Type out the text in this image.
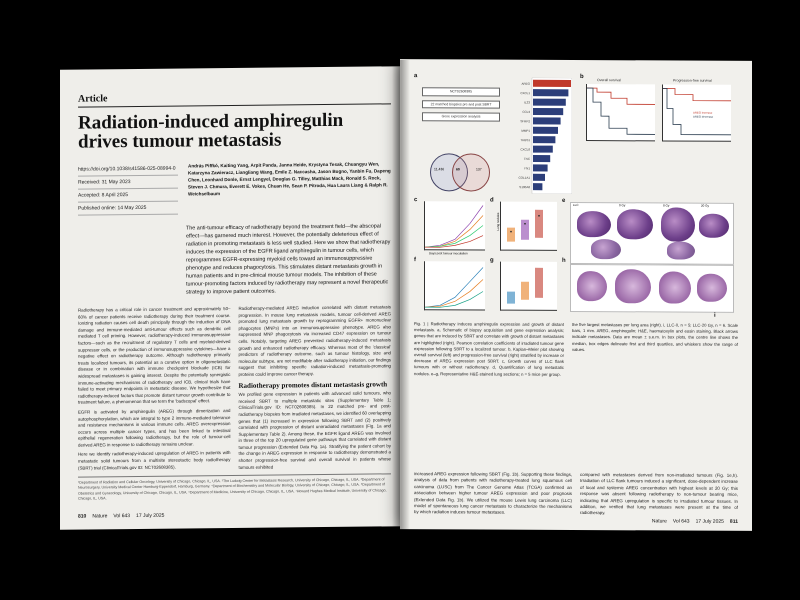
Article
Radiation-induced amphiregulin drives tumour metastasis
https://doi.org/10.1038/s41586-025-08994-0
Received: 31 May 2023
Accepted: 8 April 2025
Published online: 14 May 2025
András Piffkó, Kaiting Yang, Arpit Panda, Janna Heide, Krystyna Tesak, Chuangyu Wen, Katarzyna Zawieracz, Liangliang Wang, Emile Z. Naccasha, Jason Bugno, Yanbin Fu, Dapeng Chen, Leonhard Donle, Ernst Lengyel, Douglas G. Tilley, Matthias Mack, Ronald S. Rock, Steven J. Chmura, Everett E. Vokes, Chuan He, Sean P. Pitroda, Hua Laura Liang & Ralph R. Weichselbaum
The anti-tumour efficacy of radiotherapy beyond the treatment field—the abscopal effect—has garnered much interest. However, the potentially deleterious effect of radiation in promoting metastasis is less well studied. Here we show that radiotherapy induces the expression of the EGFR ligand amphiregulin in tumour cells, which reprogrammes EGFR-expressing myeloid cells toward an immunosuppressive phenotype and reduces phagocytosis. This stimulates distant metastasis growth in human patients and in pre-clinical mouse tumour models. The inhibition of these tumour-promoting factors induced by radiotherapy may represent a novel therapeutic strategy to improve patient outcomes.

Radiotherapy has a critical role in cancer treatment and approximately 50–60% of cancer patients receive radiotherapy during their treatment course. Ionizing radiation causes cell death principally through the induction of DNA damage and immune-mediated anti-tumour effects such as dendritic cell mediated T cell priming. However, radiotherapy-induced immunosuppressive factors—such as the recruitment of regulatory T cells and myeloid-derived suppressor cells, or the production of immunosuppressive cytokines—have a negative effect on radiotherapy outcome. Although radiotherapy primarily treats localized tumours, its potential as a curative option in oligometastatic disease or in combination with immune checkpoint blockade (ICB) for widespread metastases is gaining interest. Despite the potentially synergistic immune-activating mechanisms of radiotherapy and ICB, clinical trials have failed to meet primary endpoints in metastatic disease. We hypothesize that radiotherapy-induced factors that promote distant tumour growth contribute to treatment failure, a phenomenon that we term the 'badscopal' effect.

EGFR is activated by amphiregulin (AREG) through dimerization and autophosphorylation, which are integral to type 2 immune-mediated tolerance and resistance mechanisms in various immune cells. AREG overexpression occurs across multiple cancer types, and has been linked to intestinal epithelial regeneration following radiotherapy, but the role of tumour-cell derived AREG in response to radiotherapy remains unclear.

Here we identify radiotherapy-induced upregulation of AREG in patients with metastatic solid tumours from a multisite stereotactic body radiotherapy (SBRT) trial (ClinicalTrials.gov ID: NCT02608385).

Radiotherapy-mediated AREG induction correlated with distant metastasis progression. In mouse lung metastasis models, tumour cell-derived AREG promoted lung metastasis growth by reprogramming EGFR+ mononuclear phagocytes (MNPs) into an immunosuppressive phenotype. AREG also suppressed MNP phagocytosis via increased CD47 expression on tumour cells. Notably, targeting AREG prevented radiotherapy-induced metastasis growth and enhanced radiotherapy efficacy. Whereas most of the 'classical' predictors of radiotherapy outcome, such as tumour histology, size and molecular subtype, are not modifiable after radiotherapy initiation, our findings suggest that inhibiting specific radiation-induced metastasis-promoting proteins could improve cancer therapy.

Radiotherapy promotes distant metastasis growth

We profiled gene expression in patients with advanced solid tumours, who received SBRT to multiple metastatic sites (Supplementary Table 1; ClinicalTrials.gov ID: NCT02608385). In 22 matched pre- and post-radiotherapy biopsies from irradiated metastases, we identified 60 overlapping genes that (1) increased in expression following SBRT and (2) positively correlated with progression of distant unirradiated metastases (Fig. 1a and Supplementary Table 2). Among these, the EGFR ligand AREG was involved in three of the top 20 upregulated gene pathways that correlated with distant tumour progression (Extended Data Fig. 1a). Stratifying the patient cohort by the change in AREG expression in response to radiotherapy demonstrated a shorter progression-free survival and overall survival in patients whose tumours exhibited

¹Department of Radiation and Cellular Oncology, University of Chicago, Chicago, IL, USA. ²The Ludwig Center for Metastasis Research, University of Chicago, Chicago, IL, USA. ³Department of Neurosurgery, University Medical Center Hamburg-Eppendorf, Hamburg, Germany. ⁴Department of Biochemistry and Molecular Biology, University of Chicago, Chicago, IL, USA. ⁵Department of Obstetrics and Gynecology, University of Chicago, Chicago, IL, USA. ⁶Department of Medicine, University of Chicago, Chicago, IL, USA. ⁷Howard Hughes Medical Institute, University of Chicago, Chicago, IL, USA.
810 Nature Vol 643 17 July 2025
a
NCT02608385
22 matched biopsies pre and post SBRT
Gene expression analysis
11,436	60	137
AREG
CXCL1
IL33
CCL3
SFRP2
MMP1
THBS1
CXCL8
TNC
FN1
COL1A1
S100A8
b
Overall survival	Progression-free survival
AREG increase
AREG decrease
c
Days post tumour inoculation
d
Lung nodules
e
LLC	0 Gy	8 Gy	20 Gy
f	g	h
i
Fig. 1 | Radiotherapy induces amphiregulin expression and growth of distant metastasis. a, Schematic of biopsy acquisition and gene expression analysis; genes that are induced by SBRT and correlate with growth of distant metastases are highlighted (right). Pearson correlation coefficients of irradiated tumour gene expression following SBRT to a localized tumour. b, Kaplan–Meier plot showing overall survival (left) and progression-free survival (right) stratified by increase or decrease of AREG expression post SBRT. c, Growth curves of LLC flank tumours with or without radiotherapy. d, Quantification of lung metastatic nodules. e–g, Representative H&E-stained lung sections; n = 5 mice per group.
the five largest metastases per lung area (right). i, LLC-0, n = 5; LLC-20 Gy, n = 6. Scale bars, 1 mm. AREG, amphiregulin; H&E, haematoxylin and eosin staining. Black arrows indicate metastases. Data are mean ± s.e.m. In box plots, the centre line shows the median, box edges delineate first and third quartiles, and whiskers show the range of values.
increased AREG expression following SBRT (Fig. 1b). Supporting these findings, analysis of data from patients with radiotherapy-treated lung squamous cell carcinoma (LUSC) from The Cancer Genome Atlas (TCGA) confirmed an association between higher tumour AREG expression and poor prognosis (Extended Data Fig. 1b). We utilized the mouse Lewis lung carcinoma (LLC) model of spontaneous lung cancer metastasis to characterize the mechanisms by which radiation induces tumour metastases.
compared with metastases derived from non-irradiated tumours (Fig. 1e,h). Irradiation of LLC flank tumours induced a significant, dose-dependent increase of local and systemic AREG concentration with highest levels at 20 Gy; this response was absent following radiotherapy to non-tumour bearing mice, indicating that AREG upregulation is specific to irradiated tumour tissues. In addition, we verified that lung metastases were present at the time of radiotherapy.
Nature Vol 643 17 July 2025 811
